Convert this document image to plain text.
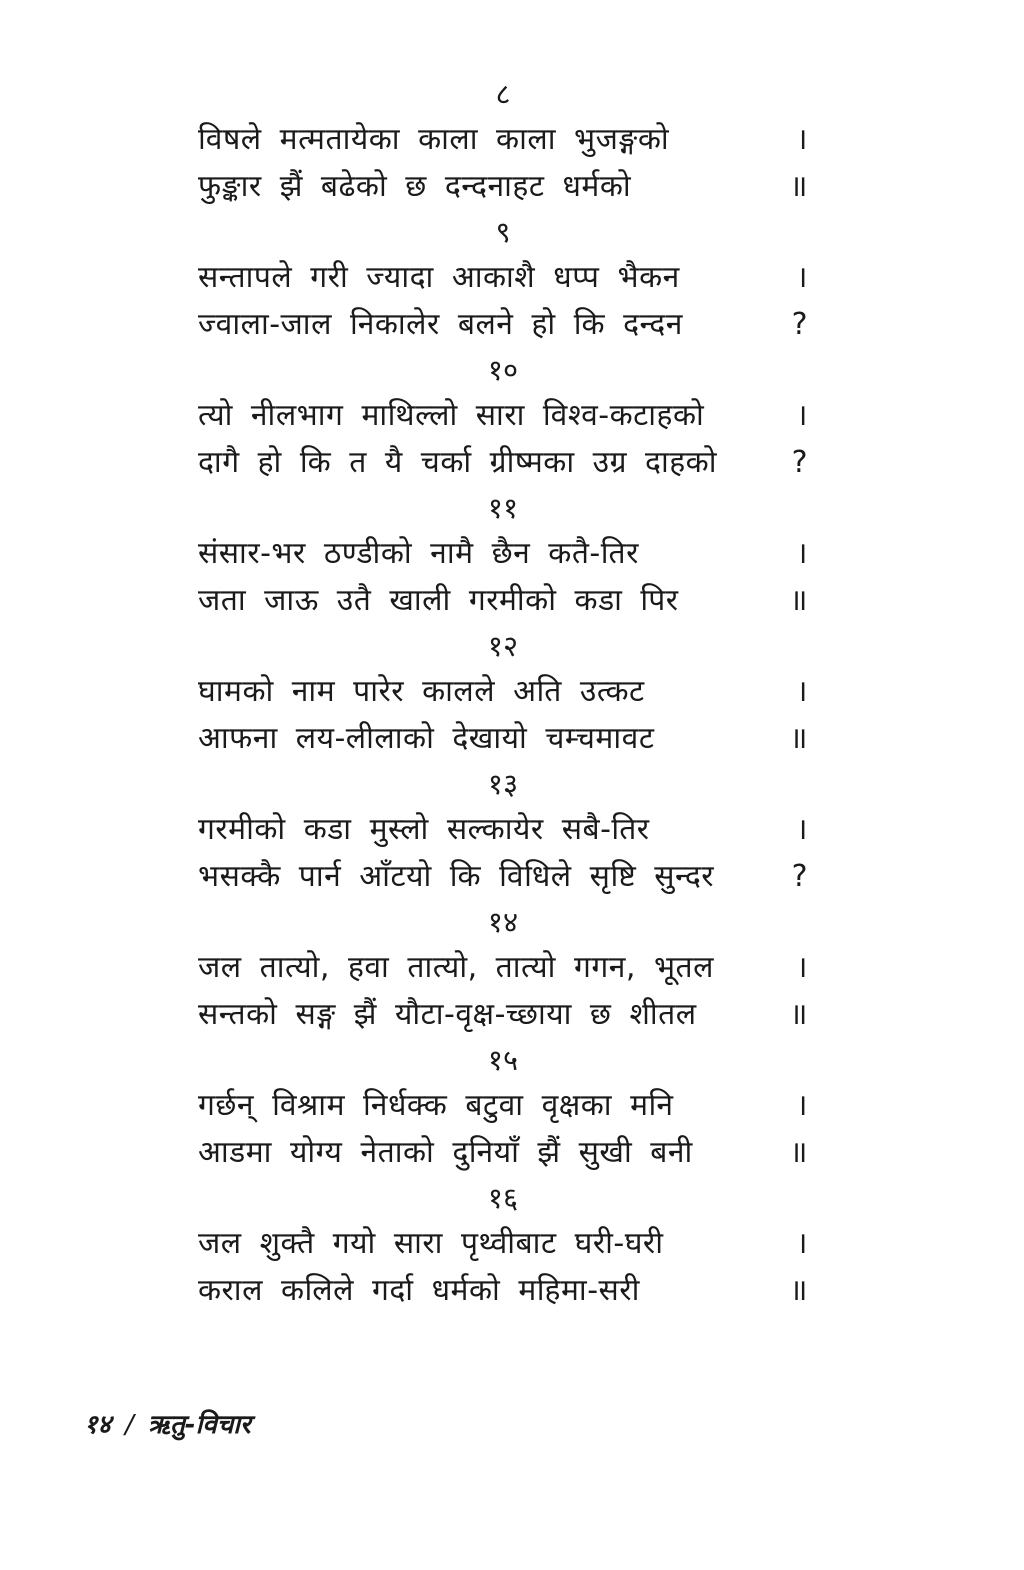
८
विषले मत्मतायेका काला काला भुजङ्गको	।
फुङ्कार झैं बढेको छ दन्दनाहट धर्मको	॥
९
सन्तापले गरी ज्यादा आकाशै धप्प भैकन	।
ज्वाला-जाल निकालेर बलने हो कि दन्दन	?
१०
त्यो नीलभाग माथिल्लो सारा विश्व-कटाहको	।
दागै हो कि त यै चर्का ग्रीष्मका उग्र दाहको ?
११
संसार-भर ठण्डीको नामै छैन कतै-तिर	।
जता जाऊ उतै खाली गरमीको कडा पिर	॥
१२
घामको नाम पारेर कालले अति उत्कट	।
आफना लय-लीलाको देखायो चम्चमावट	॥
१३
गरमीको कडा मुस्लो सल्कायेर सबै-तिर	।
भसक्कै पार्न आँटयो कि विधिले सृष्टि सुन्दर	?
१४
जल तात्यो, हवा तात्यो, तात्यो गगन, भूतल	।
सन्तको सङ्ग झैं यौटा-वृक्ष-च्छाया छ शीतल	॥
१५
गर्छन् विश्राम निर्धक्क बटुवा वृक्षका मनि	।
आडमा योग्य नेताको दुनियाँ झैं सुखी बनी	॥
१६
जल शुक्तै गयो सारा पृथ्वीबाट घरी-घरी	।
कराल कलिले गर्दा धर्मको महिमा-सरी	॥
१४ / ऋतु-विचार
